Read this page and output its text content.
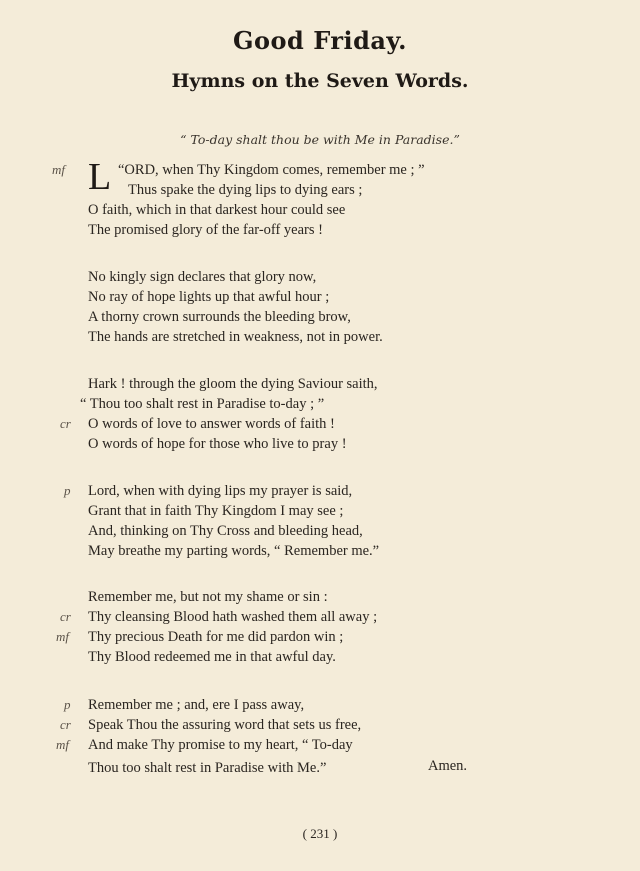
Good Friday.
Hymns on the Seven Words.
“ To-day shalt thou be with Me in Paradise.”
L
mf	“ORD, when Thy Kingdom comes, remember me ; ”
Thus spake the dying lips to dying ears ;
O faith, which in that darkest hour could see
The promised glory of the far-off years !
No kingly sign declares that glory now,
No ray of hope lights up that awful hour ;
A thorny crown surrounds the bleeding brow,
The hands are stretched in weakness, not in power.
Hark ! through the gloom the dying Saviour saith,
“ Thou too shalt rest in Paradise to-day ; ”
cr O words of love to answer words of faith !
O words of hope for those who live to pray !
p Lord, when with dying lips my prayer is said,
Grant that in faith Thy Kingdom I may see ;
And, thinking on Thy Cross and bleeding head,
May breathe my parting words, “ Remember me.”
Remember me, but not my shame or sin :
cr Thy cleansing Blood hath washed them all away ;
mf Thy precious Death for me did pardon win ;
Thy Blood redeemed me in that awful day.
p Remember me ; and, ere I pass away,
cr Speak Thou the assuring word that sets us free,
mf And make Thy promise to my heart, “ To-day
Thou too shalt rest in Paradise with Me.”	Amen.
( 231 )
